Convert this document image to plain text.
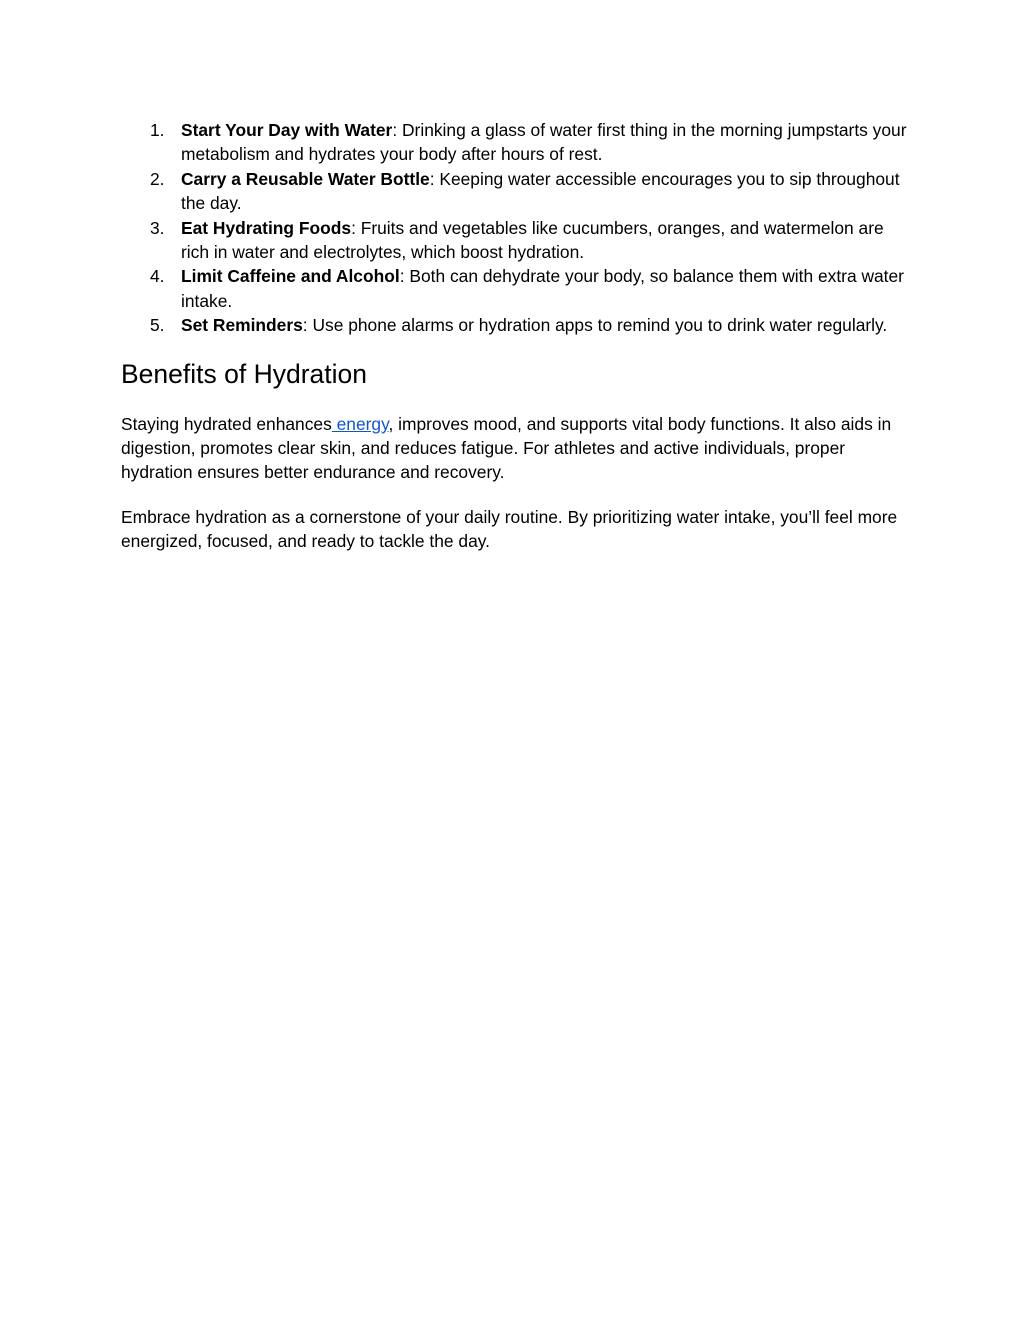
1. Start Your Day with Water: Drinking a glass of water first thing in the morning jumpstarts your metabolism and hydrates your body after hours of rest.
2. Carry a Reusable Water Bottle: Keeping water accessible encourages you to sip throughout the day.
3. Eat Hydrating Foods: Fruits and vegetables like cucumbers, oranges, and watermelon are rich in water and electrolytes, which boost hydration.
4. Limit Caffeine and Alcohol: Both can dehydrate your body, so balance them with extra water intake.
5. Set Reminders: Use phone alarms or hydration apps to remind you to drink water regularly.
Benefits of Hydration

Staying hydrated enhances energy, improves mood, and supports vital body functions. It also aids in digestion, promotes clear skin, and reduces fatigue. For athletes and active individuals, proper hydration ensures better endurance and recovery.

Embrace hydration as a cornerstone of your daily routine. By prioritizing water intake, you’ll feel more energized, focused, and ready to tackle the day.
